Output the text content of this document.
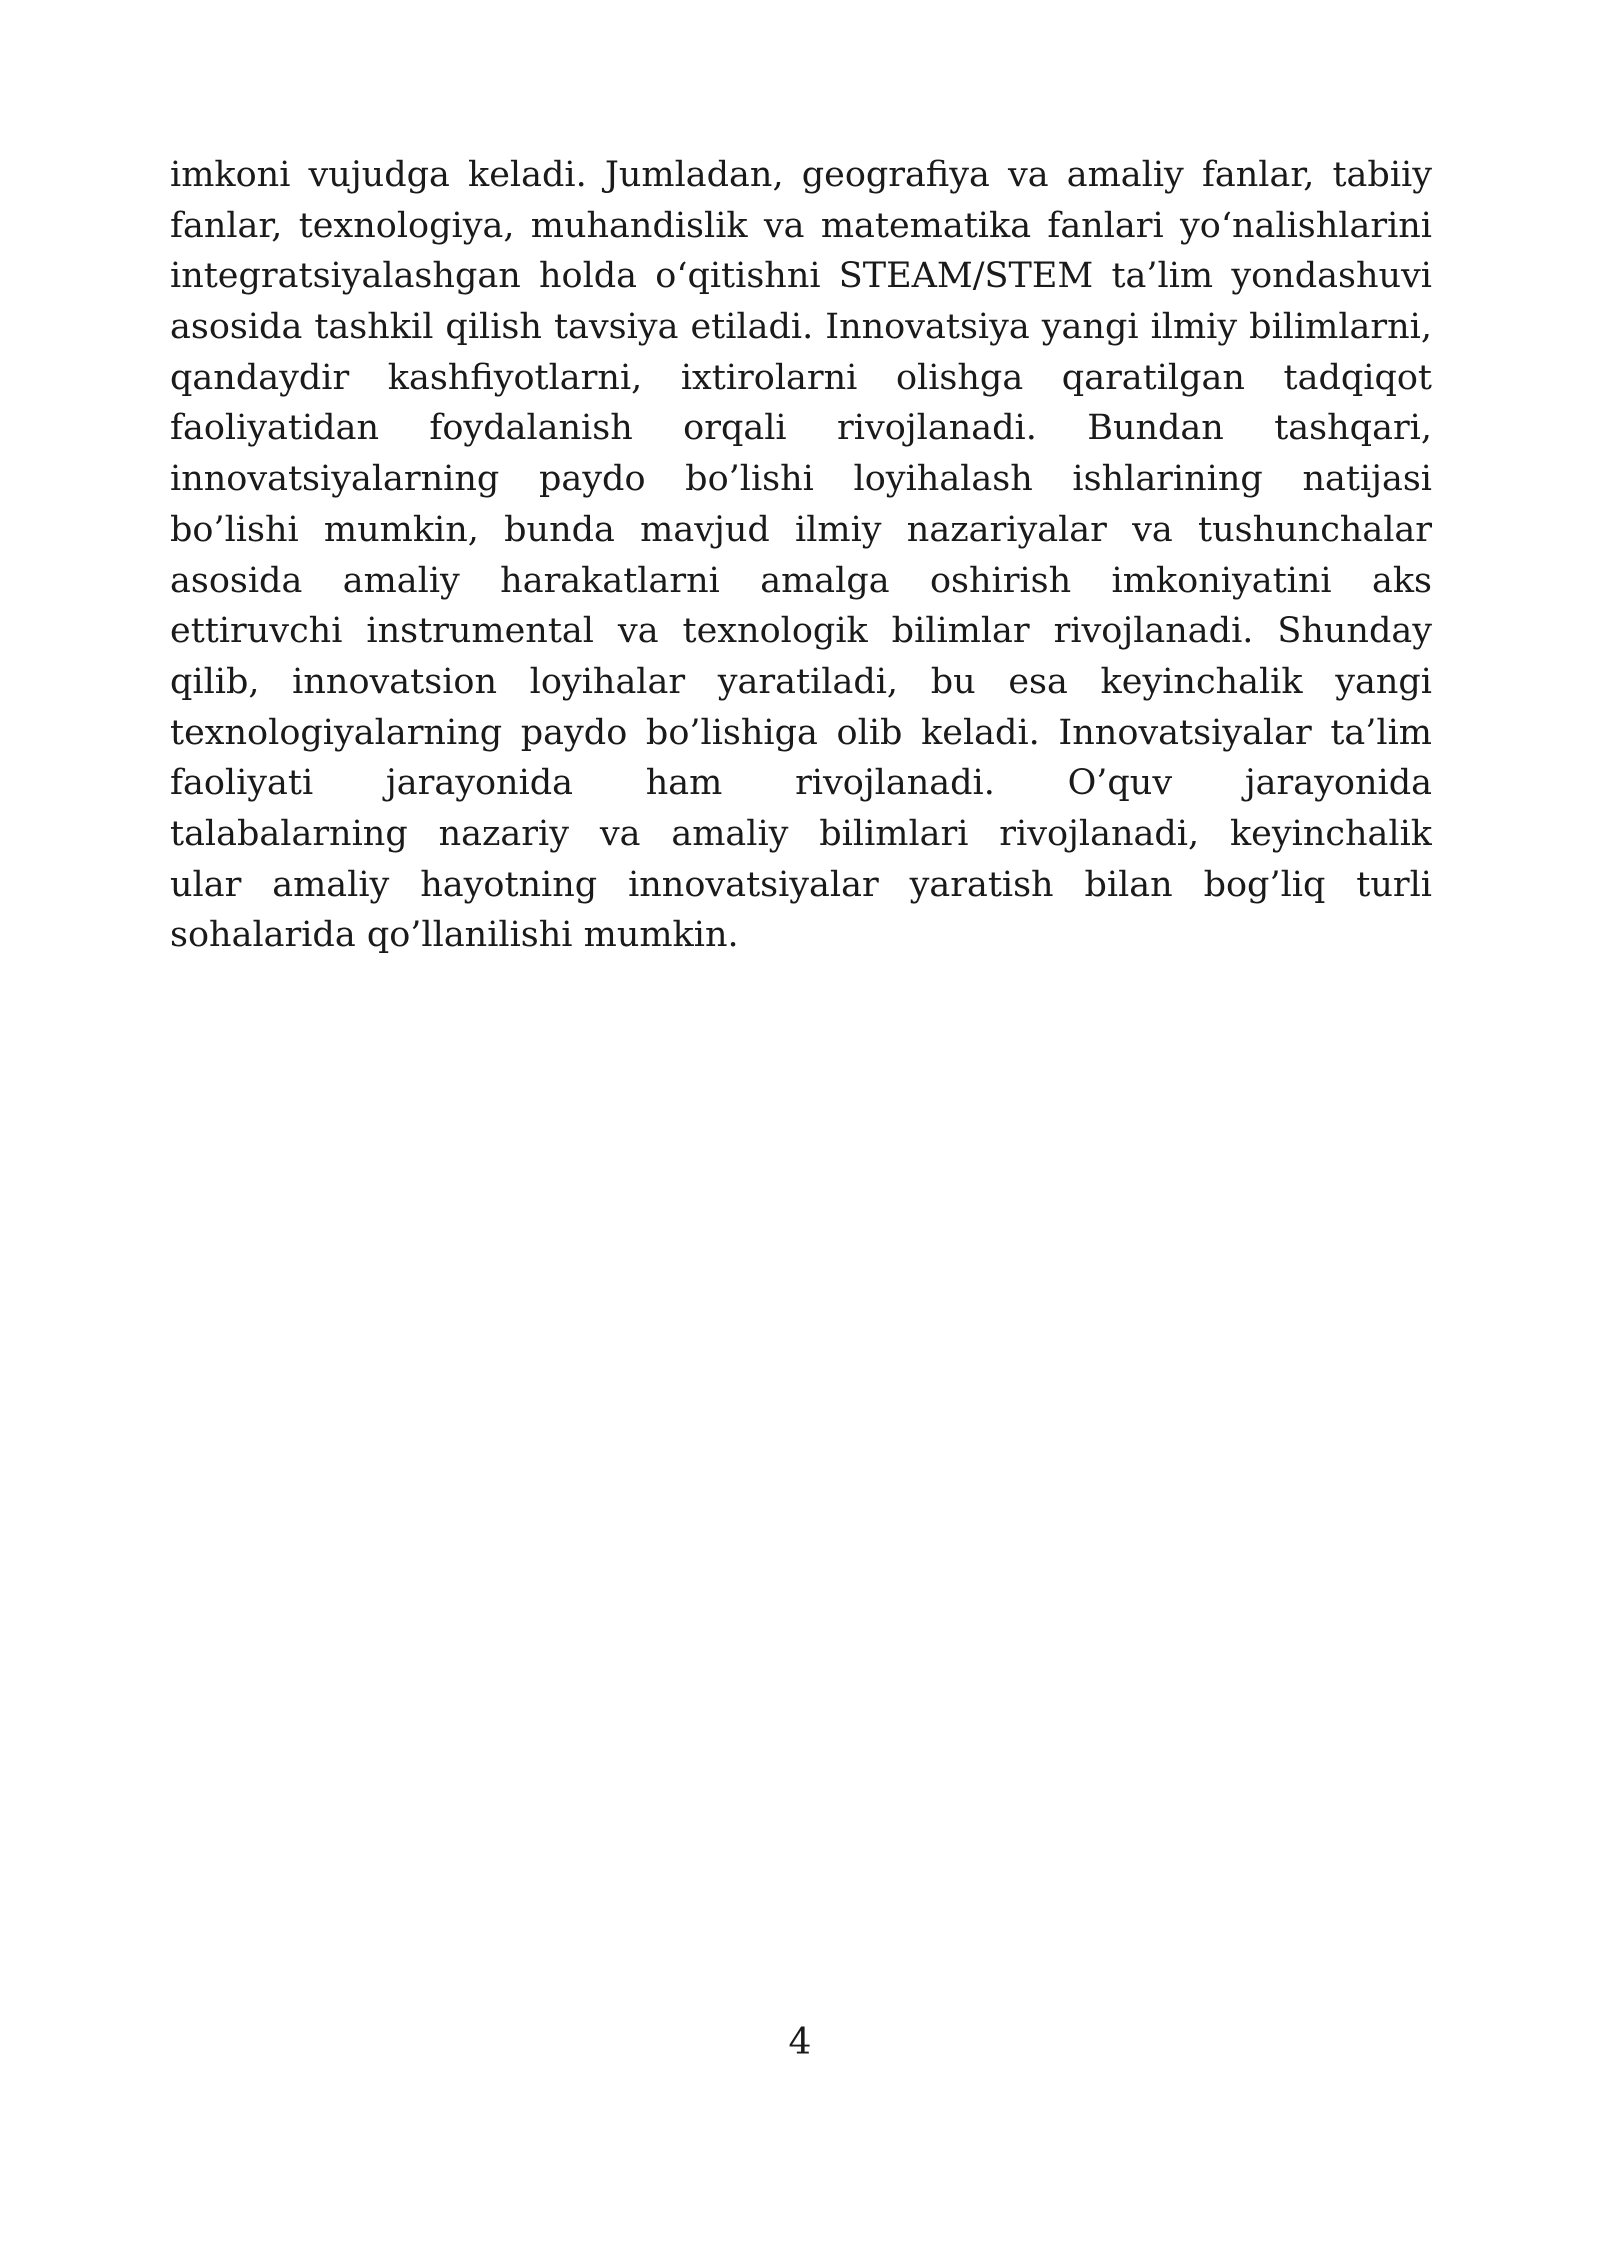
imkoni vujudga keladi. Jumladan, geografiya va amaliy fanlar, tabiiy
fanlar, texnologiya, muhandislik va matematika fanlari yo‘nalishlarini
integratsiyalashgan holda o‘qitishni STEAM/STEM ta’lim yondashuvi
asosida tashkil qilish tavsiya etiladi. Innovatsiya yangi ilmiy bilimlarni,
qandaydir kashfiyotlarni, ixtirolarni olishga qaratilgan tadqiqot
faoliyatidan foydalanish orqali rivojlanadi. Bundan tashqari,
innovatsiyalarning paydo bo’lishi loyihalash ishlarining natijasi
bo’lishi mumkin, bunda mavjud ilmiy nazariyalar va tushunchalar
asosida amaliy harakatlarni amalga oshirish imkoniyatini aks
ettiruvchi instrumental va texnologik bilimlar rivojlanadi. Shunday
qilib, innovatsion loyihalar yaratiladi, bu esa keyinchalik yangi
texnologiyalarning paydo bo’lishiga olib keladi. Innovatsiyalar ta’lim
faoliyati jarayonida ham rivojlanadi. O’quv jarayonida
talabalarning nazariy va amaliy bilimlari rivojlanadi, keyinchalik
ular amaliy hayotning innovatsiyalar yaratish bilan bog’liq turli
sohalarida qo’llanilishi mumkin.

4
